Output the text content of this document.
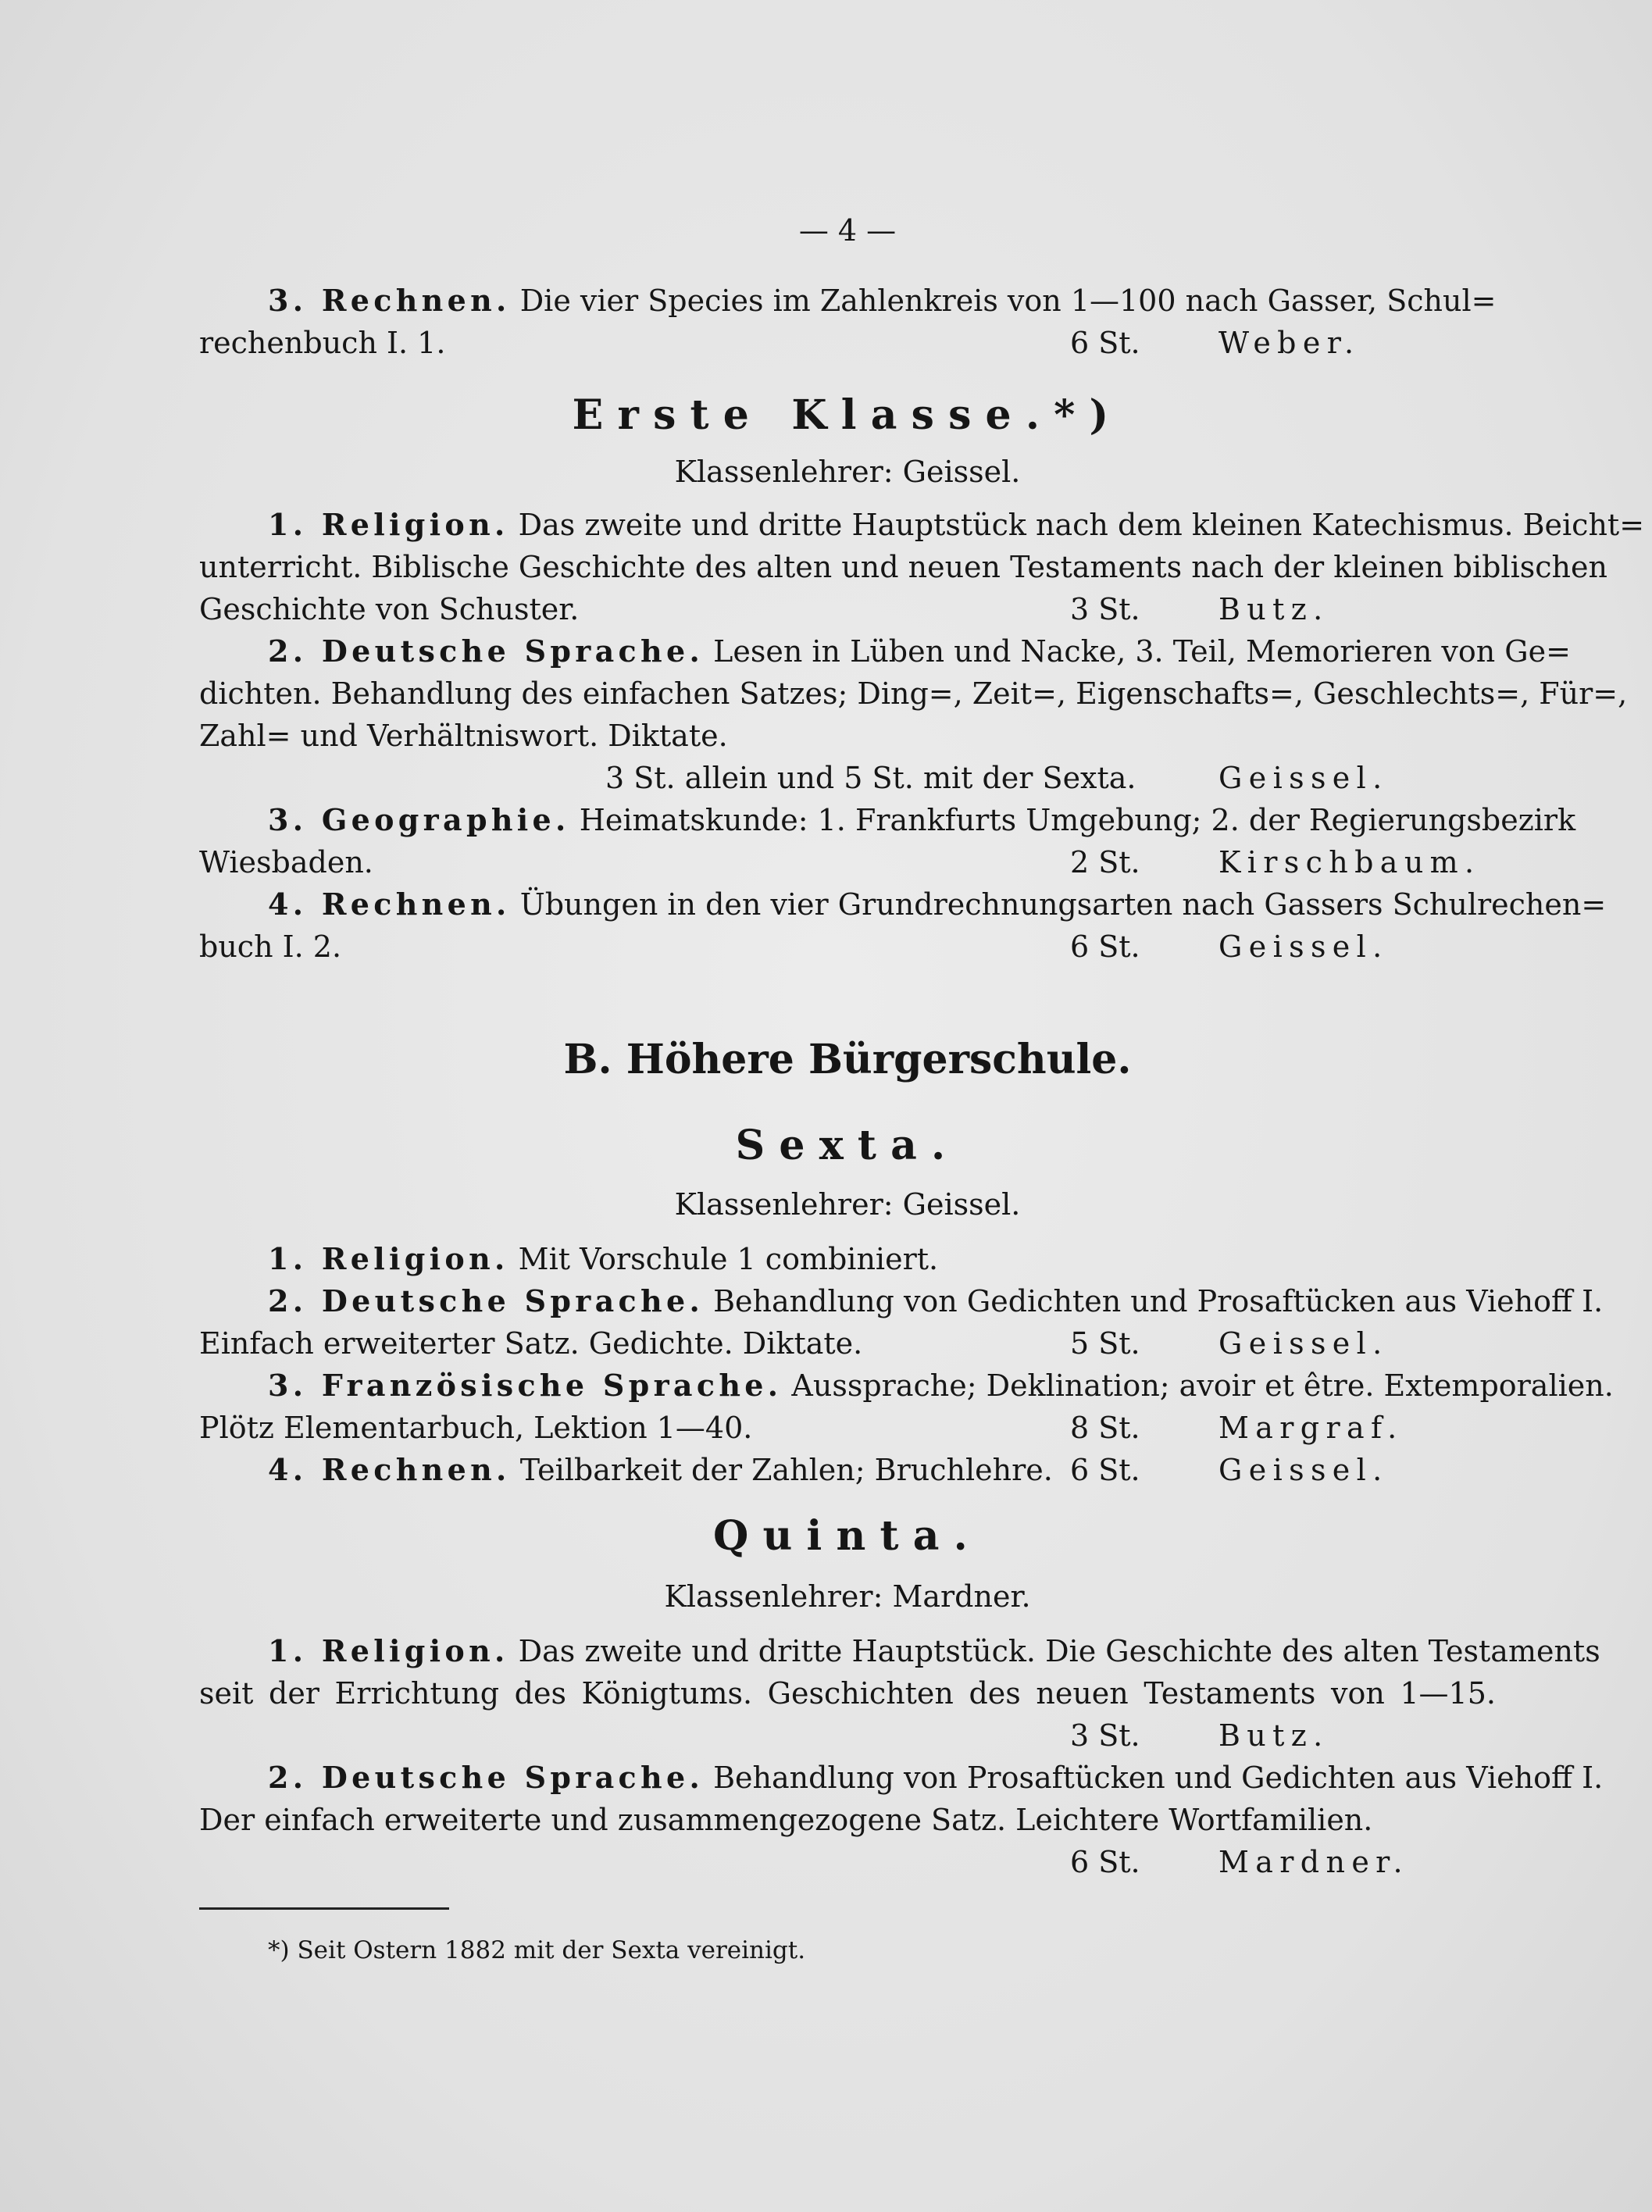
— 4 —
3. Rechnen. Die vier Species im Zahlenkreis von 1—100 nach Gasser, Schul=
rechenbuch I. 1.	6 St.	Weber.
Erste Klasse.*)
Klassenlehrer: Geissel.
1. Religion. Das zweite und dritte Hauptstück nach dem kleinen Katechismus. Beicht=
unterricht. Biblische Geschichte des alten und neuen Testaments nach der kleinen biblischen
Geschichte von Schuster.	3 St.	Butz.
2. Deutsche Sprache. Lesen in Lüben und Nacke, 3. Teil, Memorieren von Ge=
dichten. Behandlung des einfachen Satzes; Ding=, Zeit=, Eigenschafts=, Geschlechts=, Für=,
Zahl= und Verhältniswort. Diktate.
3 St. allein und 5 St. mit der Sexta.	Geissel.
3. Geographie. Heimatskunde: 1. Frankfurts Umgebung; 2. der Regierungsbezirk
Wiesbaden.	2 St.	Kirschbaum.
4. Rechnen. Übungen in den vier Grundrechnungsarten nach Gassers Schulrechen=
buch I. 2.	6 St.	Geissel.
B. Höhere Bürgerschule.
Sexta.
Klassenlehrer: Geissel.
1. Religion. Mit Vorschule 1 combiniert.
2. Deutsche Sprache. Behandlung von Gedichten und Prosaftücken aus Viehoff I.
Einfach erweiterter Satz. Gedichte. Diktate.	5 St.	Geissel.
3. Französische Sprache. Aussprache; Deklination; avoir et être. Extemporalien.
Plötz Elementarbuch, Lektion 1—40.	8 St.	Margraf.
4. Rechnen. Teilbarkeit der Zahlen; Bruchlehre. 6 St.	Geissel.
Quinta.
Klassenlehrer: Mardner.
1. Religion. Das zweite und dritte Hauptstück. Die Geschichte des alten Testaments
seit der Errichtung des Königtums. Geschichten des neuen Testaments von 1—15.
3 St.	Butz.
2. Deutsche Sprache. Behandlung von Prosaftücken und Gedichten aus Viehoff I.
Der einfach erweiterte und zusammengezogene Satz. Leichtere Wortfamilien.
6 St.	Mardner.
*) Seit Ostern 1882 mit der Sexta vereinigt.
